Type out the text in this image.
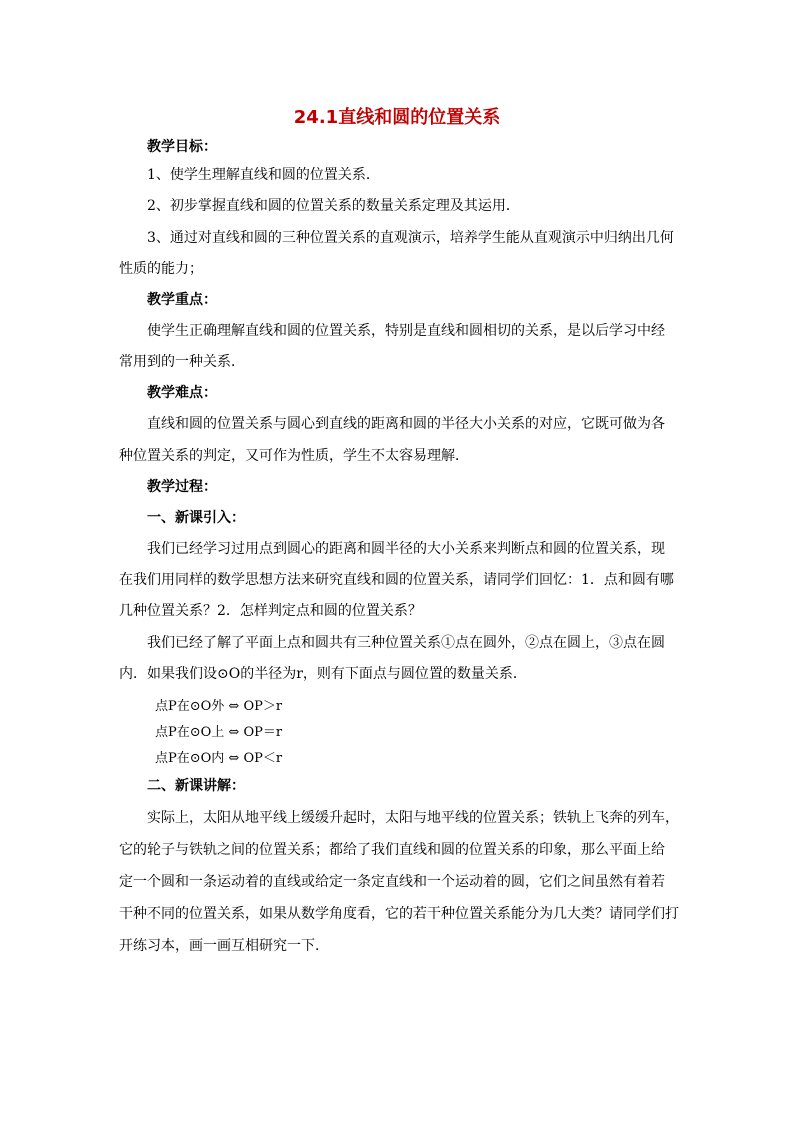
24.1直线和圆的位置关系
教学目标：
1、使学生理解直线和圆的位置关系．
2、初步掌握直线和圆的位置关系的数量关系定理及其运用．
3、通过对直线和圆的三种位置关系的直观演示，培养学生能从直观演示中归纳出几何
性质的能力；
教学重点：
使学生正确理解直线和圆的位置关系，特别是直线和圆相切的关系，是以后学习中经
常用到的一种关系．
教学难点：
直线和圆的位置关系与圆心到直线的距离和圆的半径大小关系的对应，它既可做为各
种位置关系的判定，又可作为性质，学生不太容易理解．
教学过程：
一、新课引入：
我们已经学习过用点到圆心的距离和圆半径的大小关系来判断点和圆的位置关系，现
在我们用同样的数学思想方法来研究直线和圆的位置关系，请同学们回忆：1．点和圆有哪
几种位置关系？2．怎样判定点和圆的位置关系？
我们已经了解了平面上点和圆共有三种位置关系①点在圆外，②点在圆上，③点在圆
内．如果我们设⊙O的半径为r，则有下面点与圆位置的数量关系．
点P在⊙O外 ⇔ OP＞r
点P在⊙O上 ⇔ OP＝r
点P在⊙O内 ⇔ OP＜r
二、新课讲解：
实际上，太阳从地平线上缓缓升起时，太阳与地平线的位置关系；铁轨上飞奔的列车，
它的轮子与铁轨之间的位置关系；都给了我们直线和圆的位置关系的印象，那么平面上给
定一个圆和一条运动着的直线或给定一条定直线和一个运动着的圆，它们之间虽然有着若
干种不同的位置关系，如果从数学角度看，它的若干种位置关系能分为几大类？请同学们打
开练习本，画一画互相研究一下．
